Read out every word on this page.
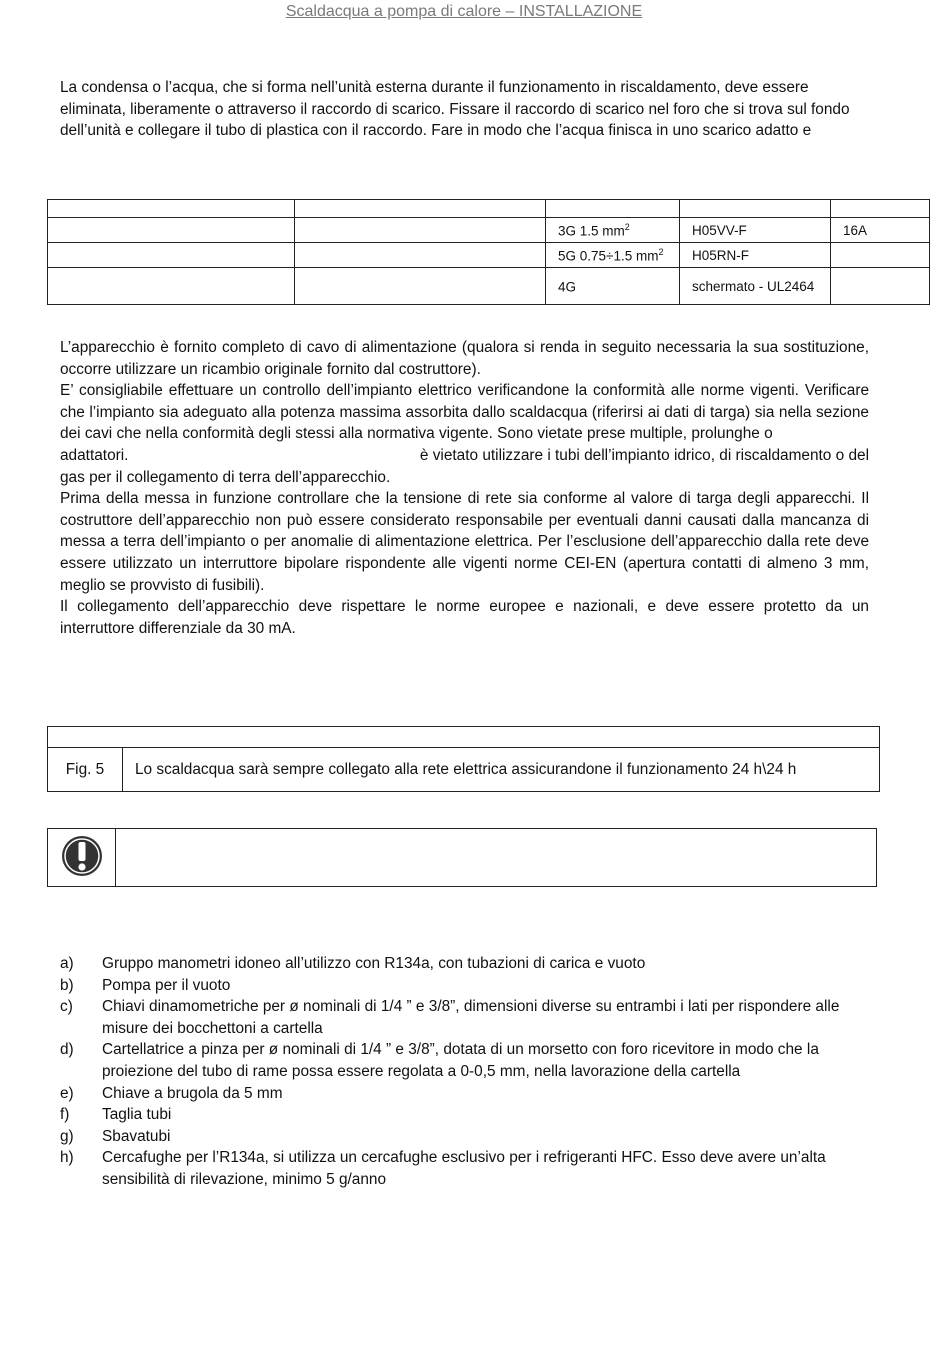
Scaldacqua a pompa di calore – INSTALLAZIONE

La condensa o l’acqua, che si forma nell’unità esterna durante il funzionamento in riscaldamento, deve essere eliminata, liberamente o attraverso il raccordo di scarico. Fissare il raccordo di scarico nel foro che si trova sul fondo dell’unità e collegare il tubo di plastica con il raccordo. Fare in modo che l’acqua finisca in uno scarico adatto e

		3G 1.5 $mm^2$	H05VV-F	16A
		5G 0.75÷1.5 $mm^2$	H05RN-F	
		4G	schermato - UL2464	
L’apparecchio è fornito completo di cavo di alimentazione (qualora si renda in seguito necessaria la sua sostituzione, occorre utilizzare un ricambio originale fornito dal costruttore).
E’ consigliabile effettuare un controllo dell’impianto elettrico verificandone la conformità alle norme vigenti. Verificare che l’impianto sia adeguato alla potenza massima assorbita dallo scaldacqua (riferirsi ai dati di targa) sia nella sezione dei cavi che nella conformità degli stessi alla normativa vigente. Sono vietate prese multiple, prolunghe o
adattatori.	è vietato utilizzare i tubi dell’impianto idrico, di riscaldamento o del
gas per il collegamento di terra dell’apparecchio.
Prima della messa in funzione controllare che la tensione di rete sia conforme al valore di targa degli apparecchi. Il costruttore dell’apparecchio non può essere considerato responsabile per eventuali danni causati dalla mancanza di messa a terra dell’impianto o per anomalie di alimentazione elettrica. Per l’esclusione dell’apparecchio dalla rete deve essere utilizzato un interruttore bipolare rispondente alle vigenti norme CEI-EN (apertura contatti di almeno 3 mm, meglio se provvisto di fusibili).
Il collegamento dell’apparecchio deve rispettare le norme europee e nazionali, e deve essere protetto da un interruttore differenziale da 30 mA.

Fig. 5	Lo scaldacqua sarà sempre collegato alla rete elettrica assicurandone il funzionamento 24 h\24 h
a)	Gruppo manometri idoneo all’utilizzo con R134a, con tubazioni di carica e vuoto
b)	Pompa per il vuoto
c)	Chiavi dinamometriche per ø nominali di 1/4 ” e 3/8”, dimensioni diverse su entrambi i lati per rispondere alle misure dei bocchettoni a cartella
d)	Cartellatrice a pinza per ø nominali di 1/4 ” e 3/8”, dotata di un morsetto con foro ricevitore in modo che la proiezione del tubo di rame possa essere regolata a 0-0,5 mm, nella lavorazione della cartella
e)	Chiave a brugola da 5 mm
f)	Taglia tubi
g)	Sbavatubi
h)	Cercafughe per l’R134a, si utilizza un cercafughe esclusivo per i refrigeranti HFC. Esso deve avere un’alta sensibilità di rilevazione, minimo 5 g/anno
